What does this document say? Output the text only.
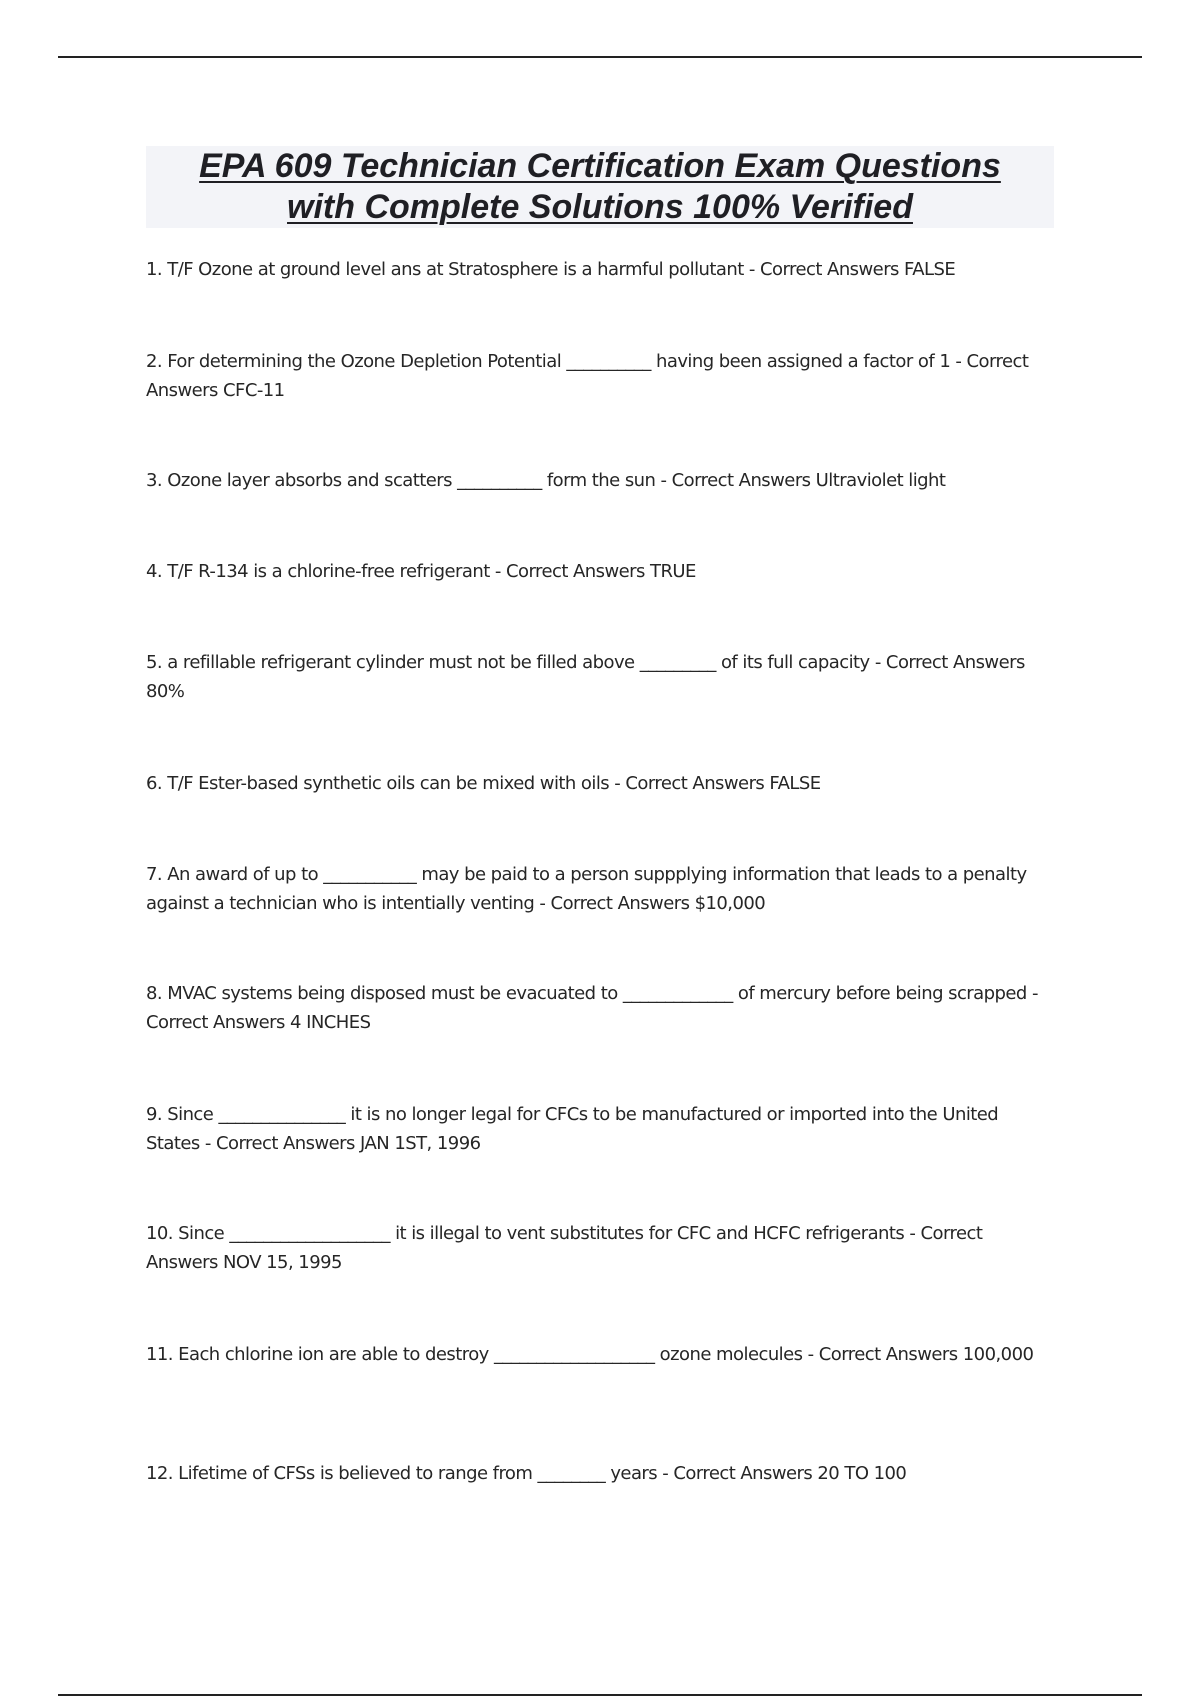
EPA 609 Technician Certification Exam Questions
with Complete Solutions 100% Verified
1. T/F Ozone at ground level ans at Stratosphere is a harmful pollutant - Correct Answers FALSE
2. For determining the Ozone Depletion Potential __________ having been assigned a factor of 1 - Correct Answers CFC-11
3. Ozone layer absorbs and scatters __________ form the sun - Correct Answers Ultraviolet light
4. T/F R-134 is a chlorine-free refrigerant - Correct Answers TRUE
5. a refillable refrigerant cylinder must not be filled above _________ of its full capacity - Correct Answers 80%
6. T/F Ester-based synthetic oils can be mixed with oils - Correct Answers FALSE
7. An award of up to ___________ may be paid to a person suppplying information that leads to a penalty against a technician who is intentially venting - Correct Answers $10,000
8. MVAC systems being disposed must be evacuated to _____________ of mercury before being scrapped - Correct Answers 4 INCHES
9. Since _______________ it is no longer legal for CFCs to be manufactured or imported into the United States - Correct Answers JAN 1ST, 1996
10. Since ___________________ it is illegal to vent substitutes for CFC and HCFC refrigerants - Correct Answers NOV 15, 1995
11. Each chlorine ion are able to destroy ___________________ ozone molecules - Correct Answers 100,000
12. Lifetime of CFSs is believed to range from ________ years - Correct Answers 20 TO 100
